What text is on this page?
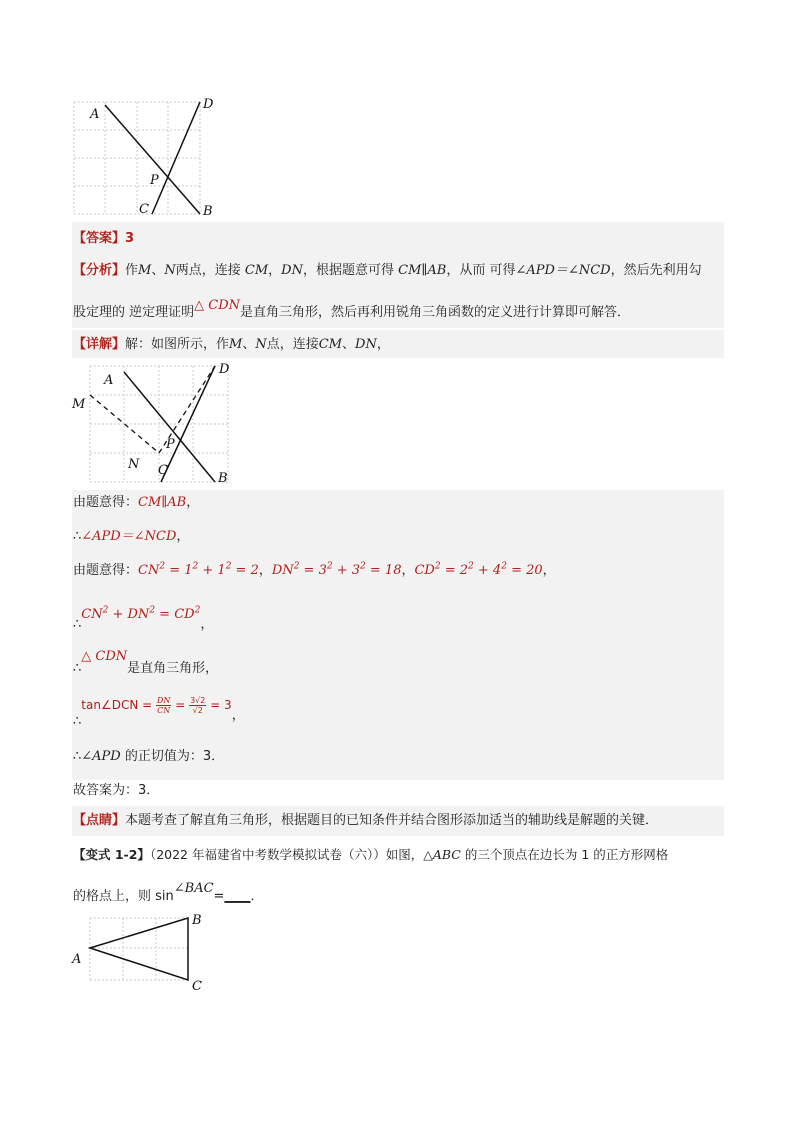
A
D
P
C	B
【答案】3
【分析】作M、N两点，连接 CM，DN，根据题意可得 CM∥AB，从而 可得∠APD＝∠NCD，然后先利用勾
股定理的 逆定理证明△ CDN是直角三角形，然后再利用锐角三角函数的定义进行计算即可解答．
【详解】解：如图所示，作M、N点，连接CM、DN，
A
D
M
P
N C
B
由题意得：CM∥AB，
∴∠APD＝∠NCD，
由题意得：$CN^2 = 1^2 + 1^2 = 2$，$DN^2 = 3^2 + 3^2 = 18$，$CD^2 = 2^2 + 4^2 = 20$，
$\therefore CN^2 + DN^2 = CD^2$，
∴△ CDN是直角三角形，
∴tan∠DCN = $\frac{DN}{CN} = \frac{3√2}{√2} = 3$，
∴∠APD 的正切值为：3．
故答案为：3．
【点睛】本题考查了解直角三角形，根据题目的已知条件并结合图形添加适当的辅助线是解题的关键．
【变式 1-2】（2022 年福建省中考数学模拟试卷（六））如图，△ABC 的三个顶点在边长为 1 的正方形网格
的格点上，则 sin∠BAC=____．
A
B
C
